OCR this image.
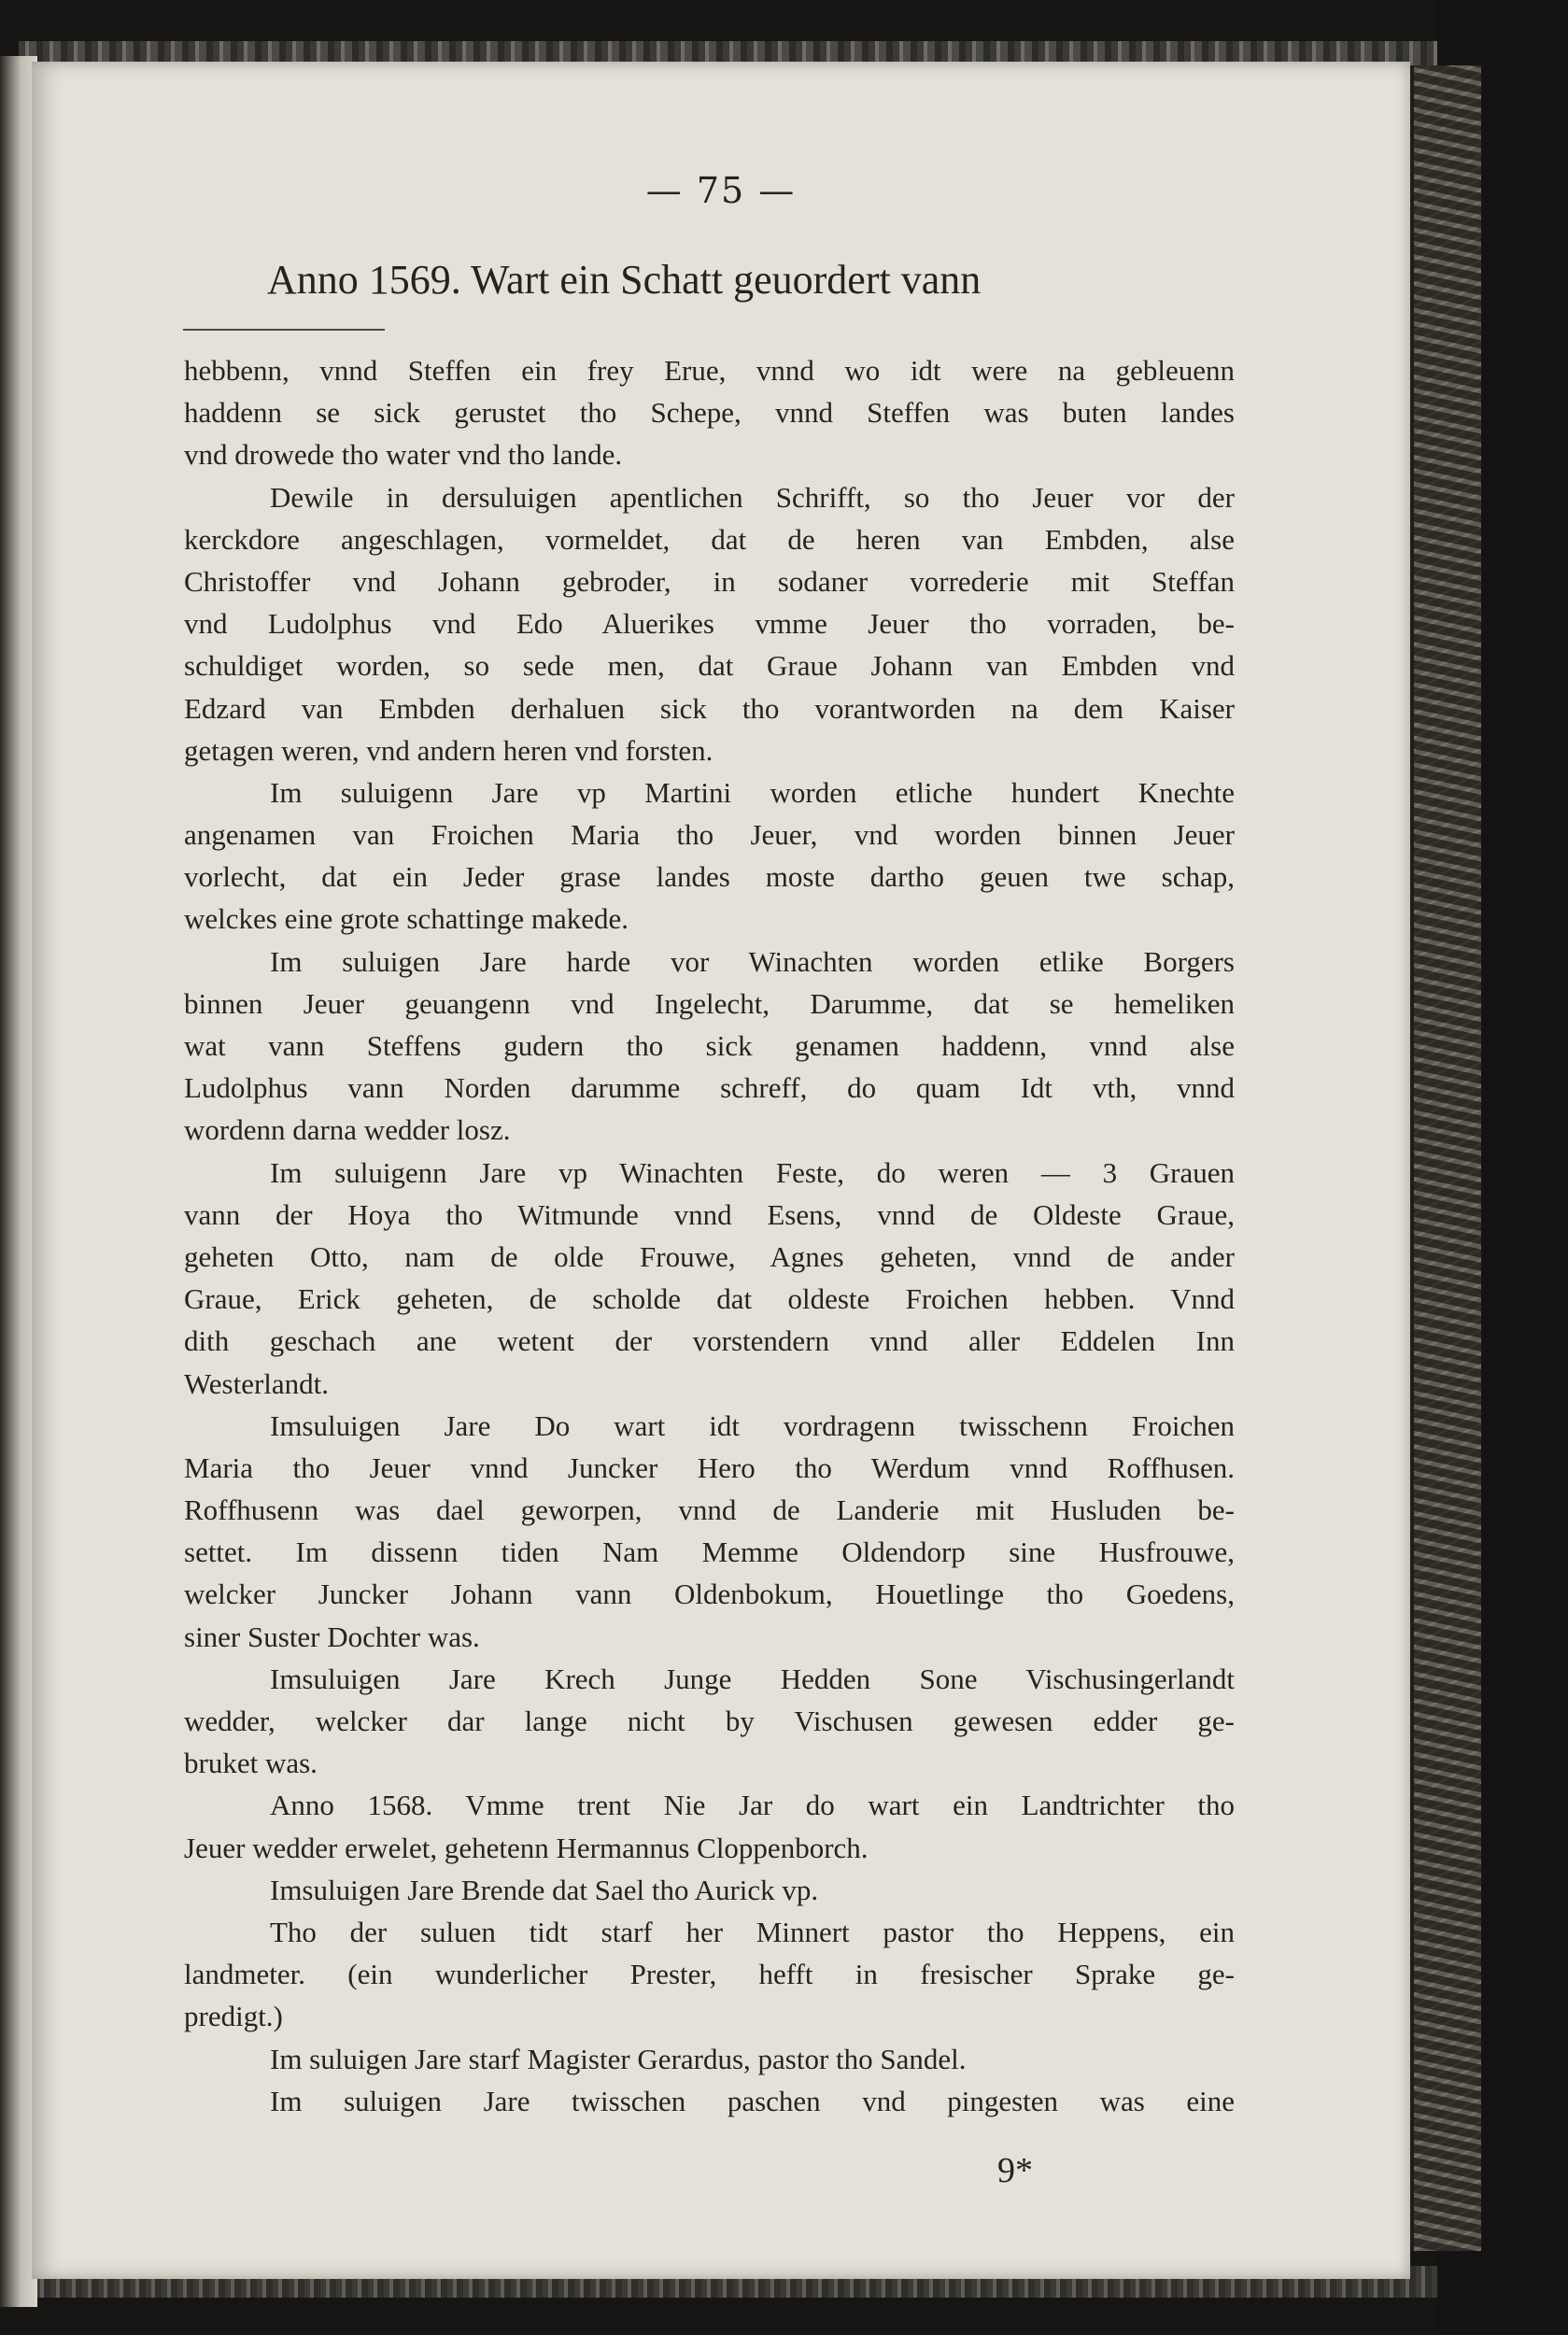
— 75 —
Anno 1569. Wart ein Schatt geuordert vann
hebbenn, vnnd Steffen ein frey Erue, vnnd wo idt were na gebleuenn
haddenn se sick gerustet tho Schepe, vnnd Steffen was buten landes
vnd drowede tho water vnd tho lande.
Dewile in dersuluigen apentlichen Schrifft, so tho Jeuer vor der
kerckdore angeschlagen, vormeldet, dat de heren van Embden, alse
Christoffer vnd Johann gebroder, in sodaner vorrederie mit Steffan
vnd Ludolphus vnd Edo Aluerikes vmme Jeuer tho vorraden, be-
schuldiget worden, so sede men, dat Graue Johann van Embden vnd
Edzard van Embden derhaluen sick tho vorantworden na dem Kaiser
getagen weren, vnd andern heren vnd forsten.
Im suluigenn Jare vp Martini worden etliche hundert Knechte
angenamen van Froichen Maria tho Jeuer, vnd worden binnen Jeuer
vorlecht, dat ein Jeder grase landes moste dartho geuen twe schap,
welckes eine grote schattinge makede.
Im suluigen Jare harde vor Winachten worden etlike Borgers
binnen Jeuer geuangenn vnd Ingelecht, Darumme, dat se hemeliken
wat vann Steffens gudern tho sick genamen haddenn, vnnd alse
Ludolphus vann Norden darumme schreff, do quam Idt vth, vnnd
wordenn darna wedder losz.
Im suluigenn Jare vp Winachten Feste, do weren — 3 Grauen
vann der Hoya tho Witmunde vnnd Esens, vnnd de Oldeste Graue,
geheten Otto, nam de olde Frouwe, Agnes geheten, vnnd de ander
Graue, Erick geheten, de scholde dat oldeste Froichen hebben. Vnnd
dith geschach ane wetent der vorstendern vnnd aller Eddelen Inn
Westerlandt.
Imsuluigen Jare Do wart idt vordragenn twisschenn Froichen
Maria tho Jeuer vnnd Juncker Hero tho Werdum vnnd Roffhusen.
Roffhusenn was dael geworpen, vnnd de Landerie mit Husluden be-
settet. Im dissenn tiden Nam Memme Oldendorp sine Husfrouwe,
welcker Juncker Johann vann Oldenbokum, Houetlinge tho Goedens,
siner Suster Dochter was.
Imsuluigen Jare Krech Junge Hedden Sone Vischusingerlandt
wedder, welcker dar lange nicht by Vischusen gewesen edder ge-
bruket was.
Anno 1568. Vmme trent Nie Jar do wart ein Landtrichter tho
Jeuer wedder erwelet, gehetenn Hermannus Cloppenborch.
Imsuluigen Jare Brende dat Sael tho Aurick vp.
Tho der suluen tidt starf her Minnert pastor tho Heppens, ein
landmeter. (ein wunderlicher Prester, hefft in fresischer Sprake ge-
predigt.)
Im suluigen Jare starf Magister Gerardus, pastor tho Sandel.
Im suluigen Jare twisschen paschen vnd pingesten was eine
9*
